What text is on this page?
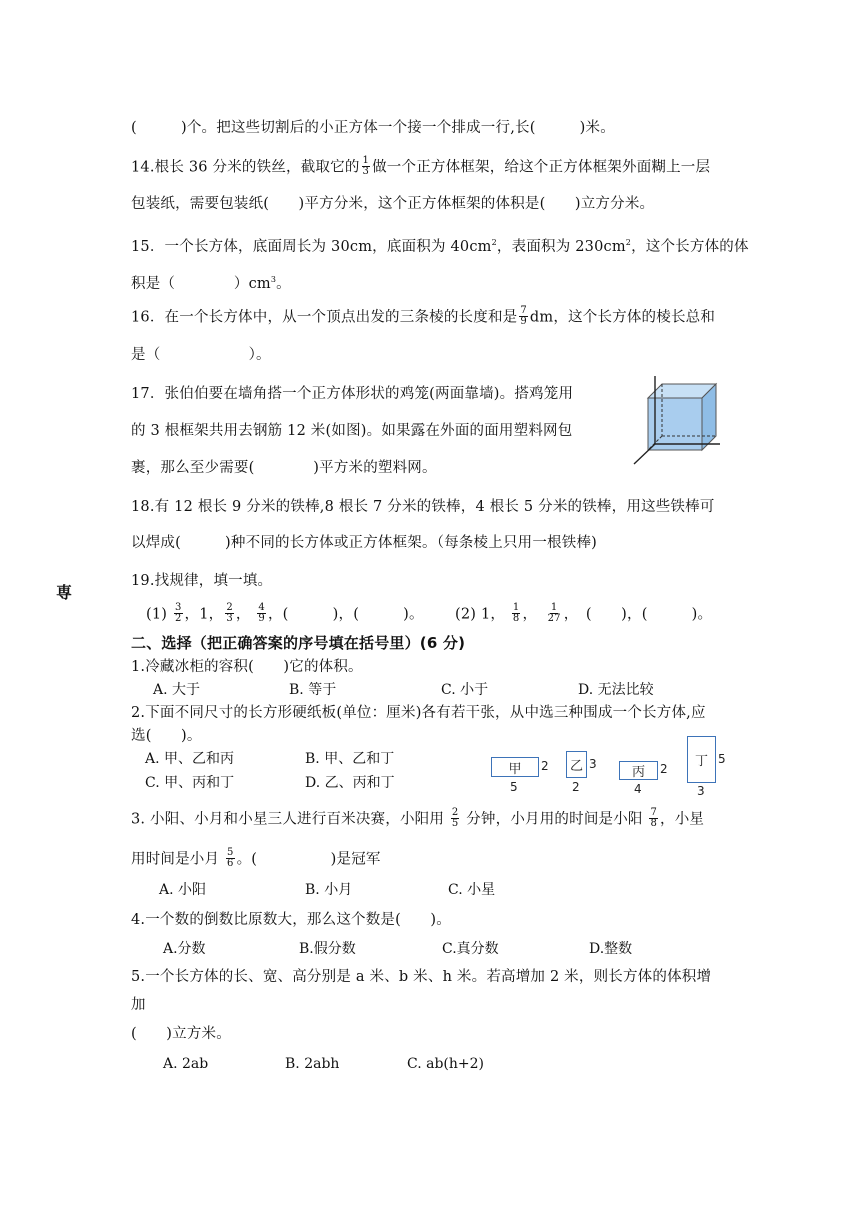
(　　　)个。把这些切割后的小正方体一个接一个排成一行,长(　　　)米。
14.根长 36 分米的铁丝，截取它的 $\frac{1}{3}$ 做一个正方体框架，给这个正方体框架外面糊上一层
包装纸，需要包装纸(　　)平方分米，这个正方体框架的体积是(　　)立方分米。
15．一个长方体，底面周长为 30cm，底面积为 $40cm^2$，表面积为 $230cm^2$，这个长方体的体
积是（　　　　）$cm^3$。
16．在一个长方体中，从一个顶点出发的三条棱的长度和是 $\frac{7}{9}$ dm，这个长方体的棱长总和
是（　　　　　　）。
17．张伯伯要在墙角搭一个正方体形状的鸡笼(两面靠墙)。搭鸡笼用
的 3 根框架共用去钢筋 12 米(如图)。如果露在外面的面用塑料网包
裹，那么至少需要(　　　　)平方米的塑料网。
18.有 12 根长 9 分米的铁棒,8 根长 7 分米的铁棒，4 根长 5 分米的铁棒，用这些铁棒可
以焊成(　　　)种不同的长方体或正方体框架。（每条棱上只用一根铁棒)
専
19.找规律，填一填。
$(1) \frac{3}{2}$ ，1， $\frac{2}{3}$ ， $\frac{4}{9}$ ，(　　　)，(　　　)。 (2) 1， $\frac{1}{8}$ ，　 $\frac{1}{27}$ ，　(　　)，(　　　)。
二、选择（把正确答案的序号填在括号里）(6 分)
1.冷藏冰柜的容积(　　)它的体积。
A. 大于	B. 等于	C. 小于	D. 无法比较
2.下面不同尺寸的长方形硬纸板(单位：厘米)各有若干张，从中选三种围成一个长方体,应
选(　　)。
A. 甲、乙和丙	B. 甲、乙和丁
C. 甲、丙和丁	D. 乙、丙和丁
甲	2
5
乙 3
2
丙	2
4
丁 5
3
3. 小阳、小月和小星三人进行百米决赛，小阳用 $\frac{2}{5}$ 分钟，小月用的时间是小阳 $\frac{7}{8}$ ，小星
用时间是小月 $\frac{5}{6}$ 。(　　　　　)是冠军
A. 小阳	B. 小月	C. 小星
4.一个数的倒数比原数大，那么这个数是(　　)。
A.分数	B.假分数	C.真分数	D.整数
5.一个长方体的长、宽、高分别是 a 米、b 米、h 米。若高增加 2 米，则长方体的体积增
加
(　　)立方米。
A. 2ab	B. 2abh	C. ab(h+2)
